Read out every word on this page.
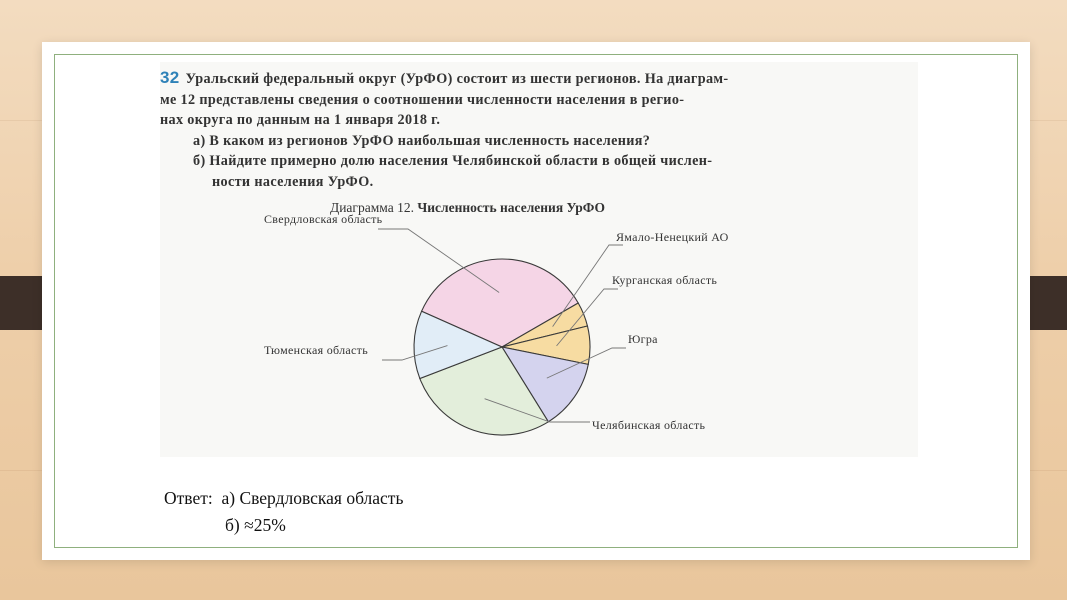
32 Уральский федеральный округ (УрФО) состоит из шести регионов. На диаграм-
ме 12 представлены сведения о соотношении численности населения в регио-
нах округа по данным на 1 января 2018 г.
а) В каком из регионов УрФО наибольшая численность населения?
б) Найдите примерно долю населения Челябинской области в общей числен-
ности населения УрФО.
Диаграмма 12. Численность населения УрФО
Свердловская область
Ямало-Ненецкий АО
Курганская область
Югра
Челябинская область
Тюменская область
Ответ: а) Свердловская область
б) ≈25%
